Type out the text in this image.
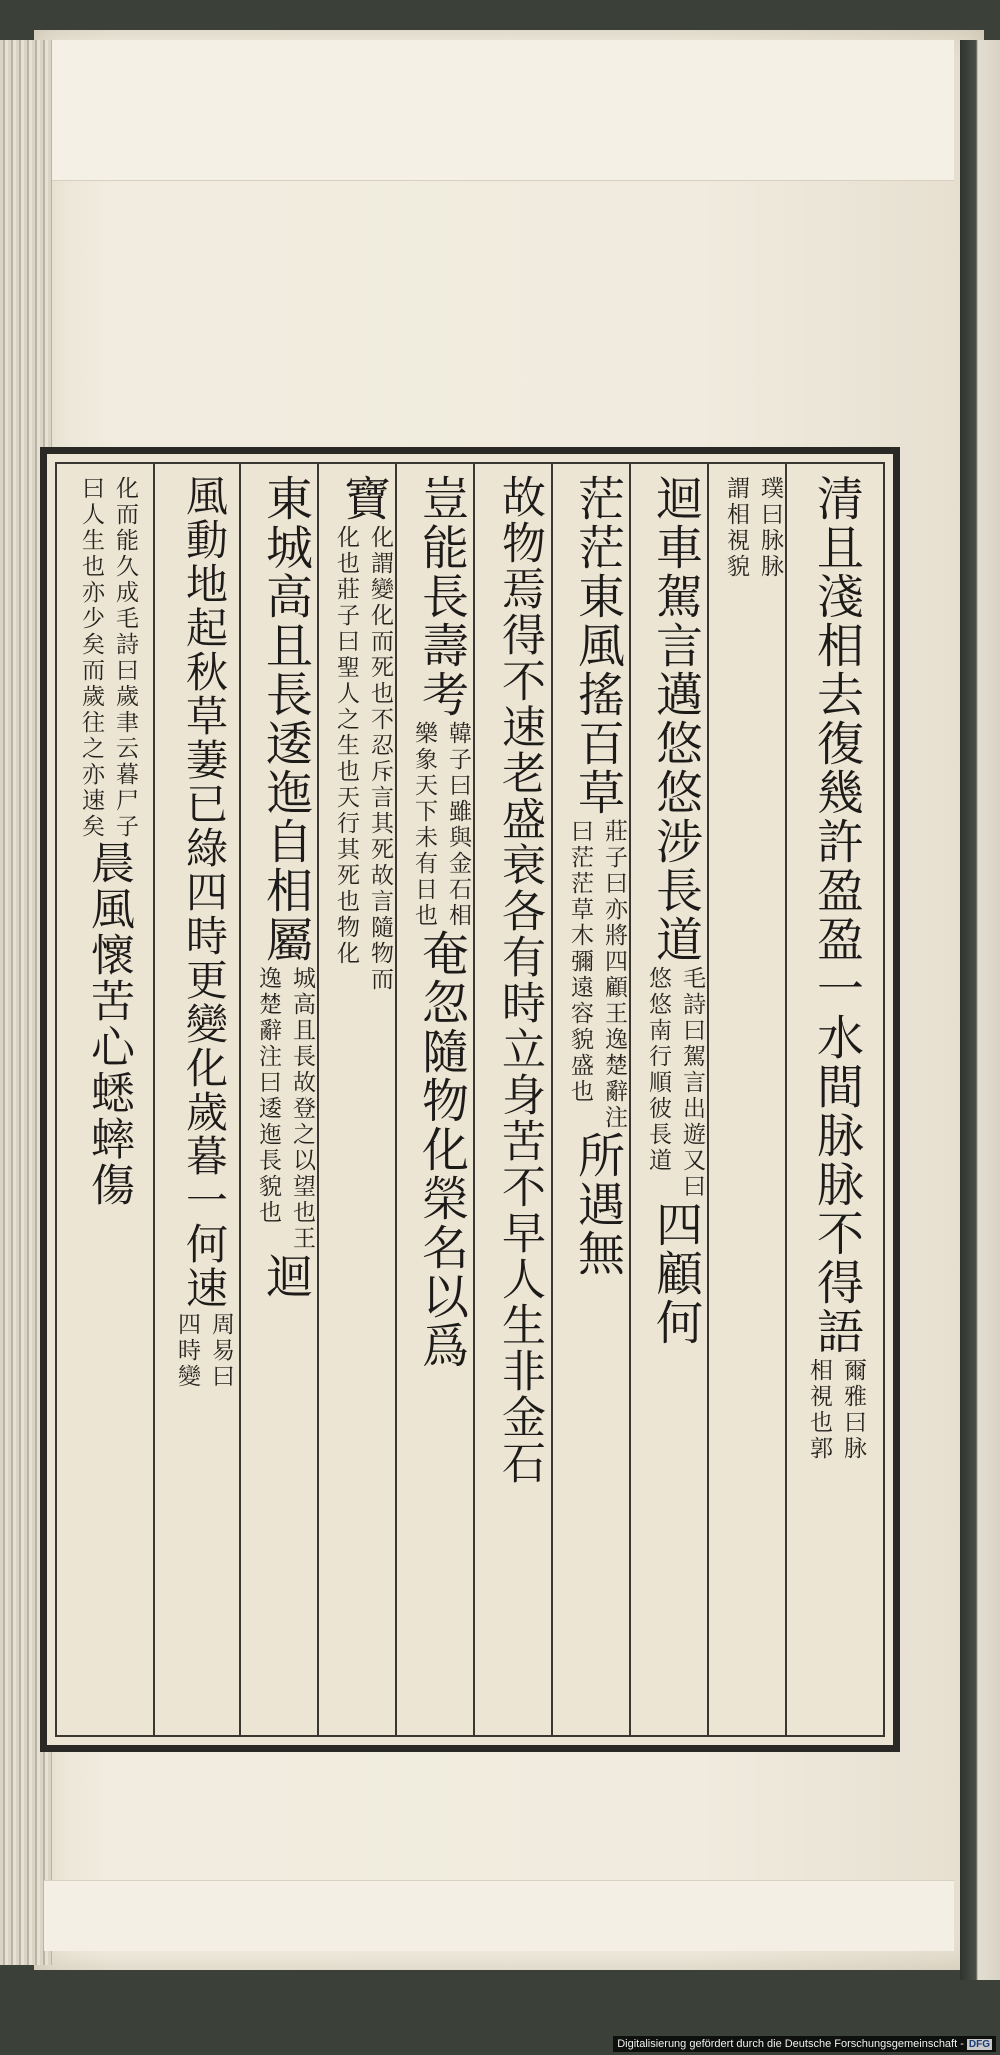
清且淺相去復幾許盈盈一水間脉脉不得語
爾雅曰脉
相視也郭
璞曰脉脉
謂相視貌
迴車駕言邁悠悠涉長道
毛詩曰駕言出遊又曰
悠悠南行順彼長道
四顧何
茫茫東風搖百草
莊子曰亦將四顧王逸楚辭注
曰茫茫草木彌遠容貌盛也
所遇無
故物焉得不速老盛衰各有時立身苦不早人生非金石
豈能長壽考
韓子曰雖與金石相
樂象天下未有日也
奄忽隨物化榮名以爲
寶
化謂變化而死也不忍斥言其死故言隨物而
化也莊子曰聖人之生也天行其死也物化
東城高且長逶迤自相屬
城高且長故登之以望也王
逸楚辭注曰逶迤長貌也
迴
風動地起秋草萋已綠四時更變化歲暮一何速
周易曰
四時變
化而能久成毛詩曰歲聿云暮尸子
曰人生也亦少矣而歲往之亦速矣
晨風懷苦心蟋蟀傷
Digitalisierung gefördert durch die Deutsche Forschungsgemeinschaft - DFG
